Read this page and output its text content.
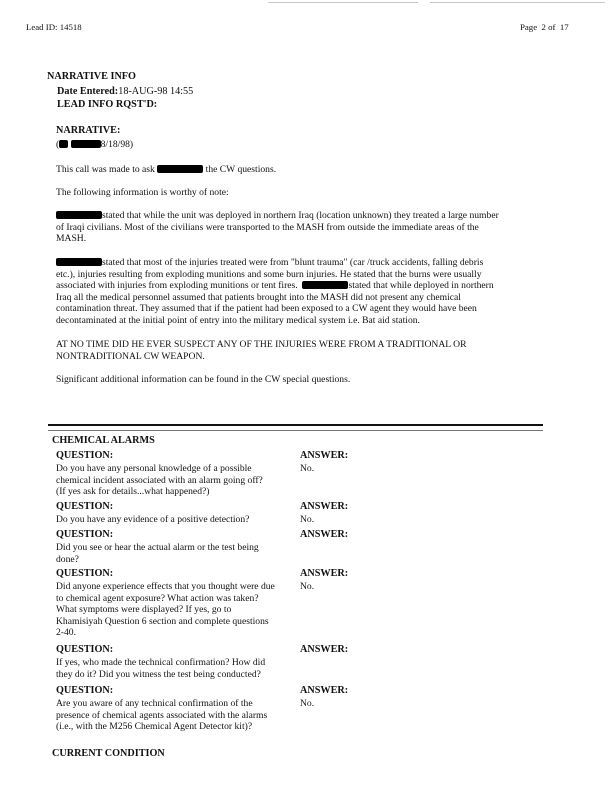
Lead ID: 14518	Page  2 of  17
NARRATIVE INFO
Date Entered:18-AUG-98 14:55
LEAD INFO RQST'D:
NARRATIVE:
(	8/18/98)
This call was made to ask	the CW questions.
The following information is worthy of note:
stated that while the unit was deployed in northern Iraq (location unknown) they treated a large number
of Iraqi civilians. Most of the civilians were transported to the MASH from outside the immediate areas of the
MASH.
stated that most of the injuries treated were from "blunt trauma" (car /truck accidents, falling debris
etc.), injuries resulting from exploding munitions and some burn injuries. He stated that the burns were usually
associated with injuries from exploding munitions or tent fires.	stated that while deployed in northern
Iraq all the medical personnel assumed that patients brought into the MASH did not present any chemical
contamination threat. They assumed that if the patient had been exposed to a CW agent they would have been
decontaminated at the initial point of entry into the military medical system i.e. Bat aid station.
AT NO TIME DID HE EVER SUSPECT ANY OF THE INJURIES WERE FROM A TRADITIONAL OR
NONTRADITIONAL CW WEAPON.
Significant additional information can be found in the CW special questions.
CHEMICAL ALARMS
QUESTION:	ANSWER:
Do you have any personal knowledge of a possible
chemical incident associated with an alarm going off?
(If yes ask for details...what happened?)
No.
QUESTION:	ANSWER:
Do you have any evidence of a positive detection?	No.
QUESTION:	ANSWER:
Did you see or hear the actual alarm or the test being
done?
QUESTION:	ANSWER:
Did anyone experience effects that you thought were due
to chemical agent exposure? What action was taken?
What symptoms were displayed? If yes, go to
Khamisiyah Question 6 section and complete questions
2-40.
No.
QUESTION:	ANSWER:
If yes, who made the technical confirmation? How did
they do it? Did you witness the test being conducted?
QUESTION:	ANSWER:
Are you aware of any technical confirmation of the
presence of chemical agents associated with the alarms
(i.e., with the M256 Chemical Agent Detector kit)?
No.
CURRENT CONDITION
